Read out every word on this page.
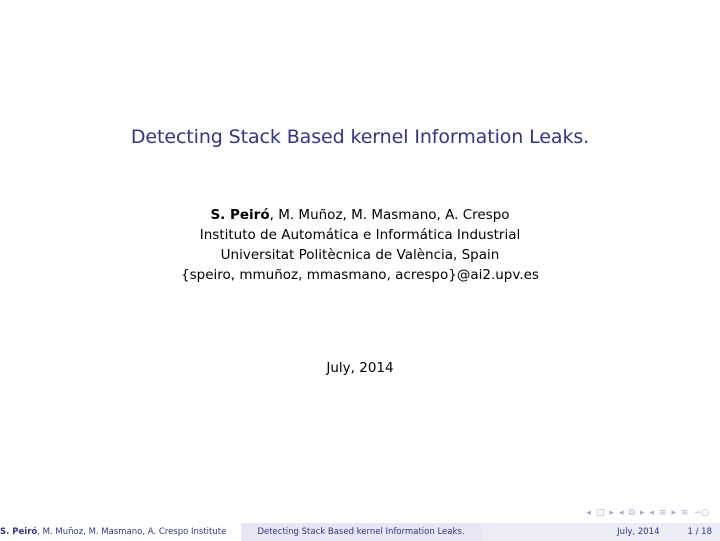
Detecting Stack Based kernel Information Leaks.
S. Peiró, M. Muñoz, M. Masmano, A. Crespo
Instituto de Automática e Informática Industrial
Universitat Politècnica de València, Spain
{speiro, mmuñoz, mmasmano, acrespo}@ai2.upv.es
July, 2014
◂ □ ▸ ◂ ⧉ ▸ ◂ ≡ ▸ ≡ ∽○
S. Peiró, M. Muñoz, M. Masmano, A. Crespo Institute	Detecting Stack Based kernel Information Leaks.	July, 2014	1 / 18
